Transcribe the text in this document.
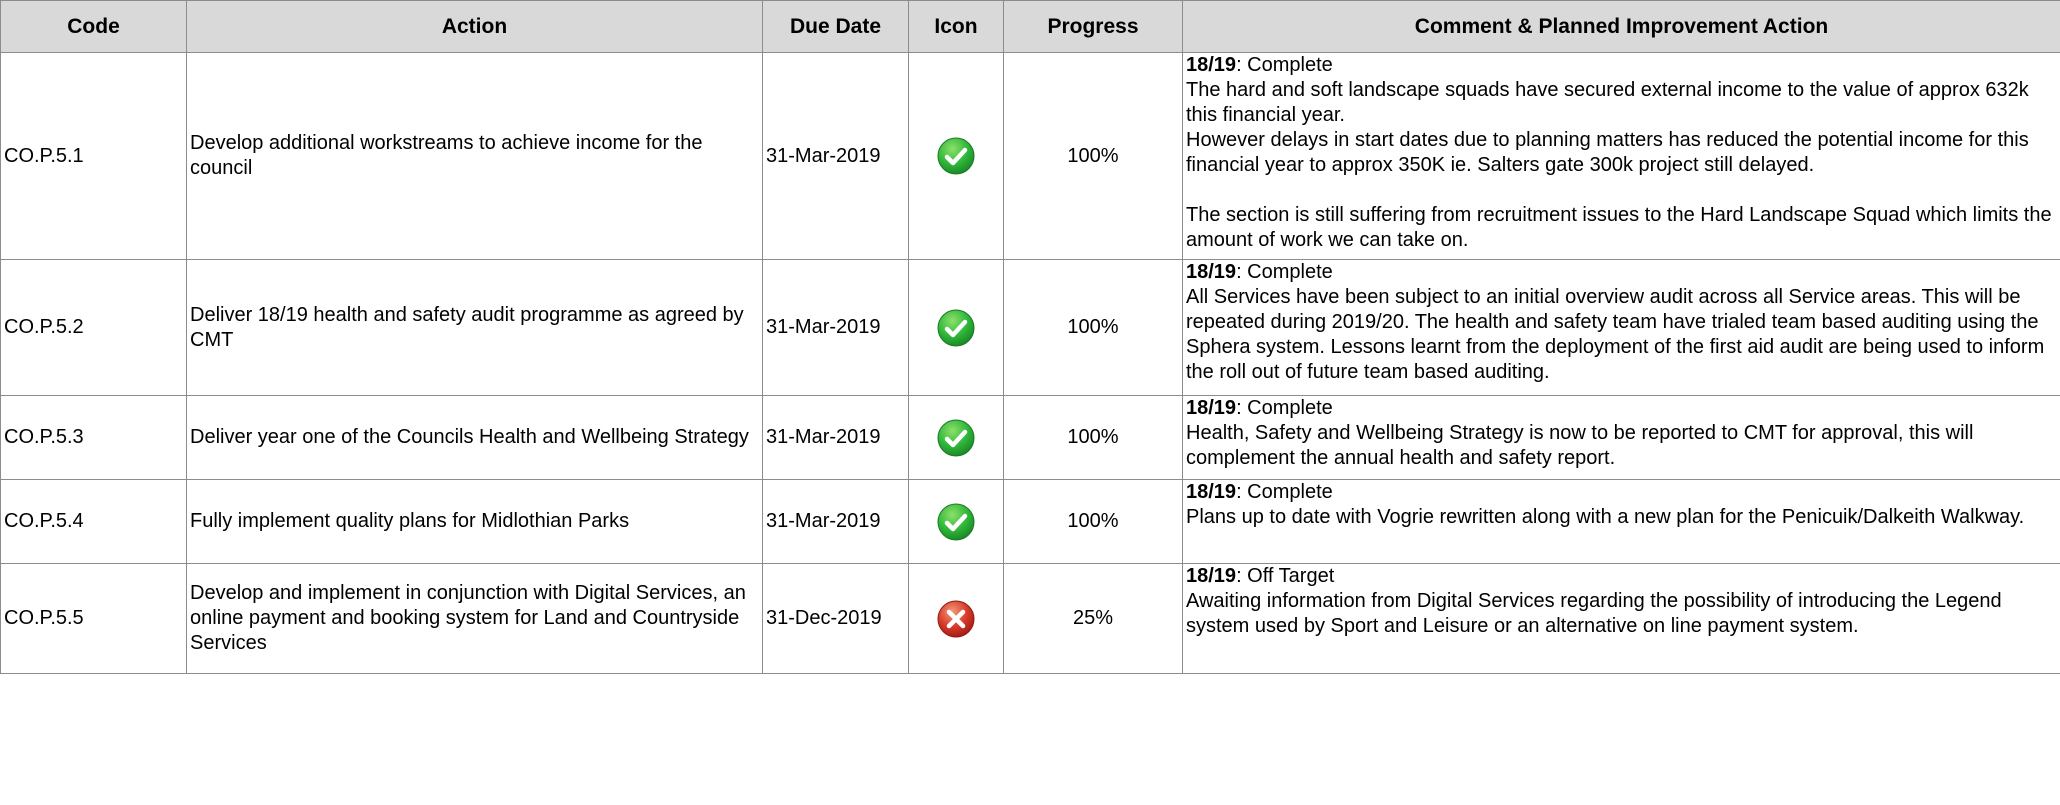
Code	Action	Due Date	Icon	Progress	Comment & Planned Improvement Action
CO.P.5.1	Develop additional workstreams to achieve income for the council	31-Mar-2019		100%	18/19: Complete
The hard and soft landscape squads have secured external income to the value of approx 632k this financial year.
However delays in start dates due to planning matters has reduced the potential income for this financial year to approx 350K ie. Salters gate 300k project still delayed.
The section is still suffering from recruitment issues to the Hard Landscape Squad which limits the amount of work we can take on.

CO.P.5.2	Deliver 18/19 health and safety audit programme as agreed by CMT	31-Mar-2019		100%	18/19: Complete
All Services have been subject to an initial overview audit across all Service areas. This will be repeated during 2019/20. The health and safety team have trialed team based auditing using the Sphera system. Lessons learnt from the deployment of the first aid audit are being used to inform the roll out of future team based auditing.

CO.P.5.3	Deliver year one of the Councils Health and Wellbeing Strategy	31-Mar-2019		100%	18/19: Complete
Health, Safety and Wellbeing Strategy is now to be reported to CMT for approval, this will complement the annual health and safety report.

CO.P.5.4	Fully implement quality plans for Midlothian Parks	31-Mar-2019		100%	18/19: Complete
Plans up to date with Vogrie rewritten along with a new plan for the Penicuik/Dalkeith Walkway.

CO.P.5.5	Develop and implement in conjunction with Digital Services, an online payment and booking system for Land and Countryside Services	31-Dec-2019		25%	18/19: Off Target
Awaiting information from Digital Services regarding the possibility of introducing the Legend system used by Sport and Leisure or an alternative on line payment system.
